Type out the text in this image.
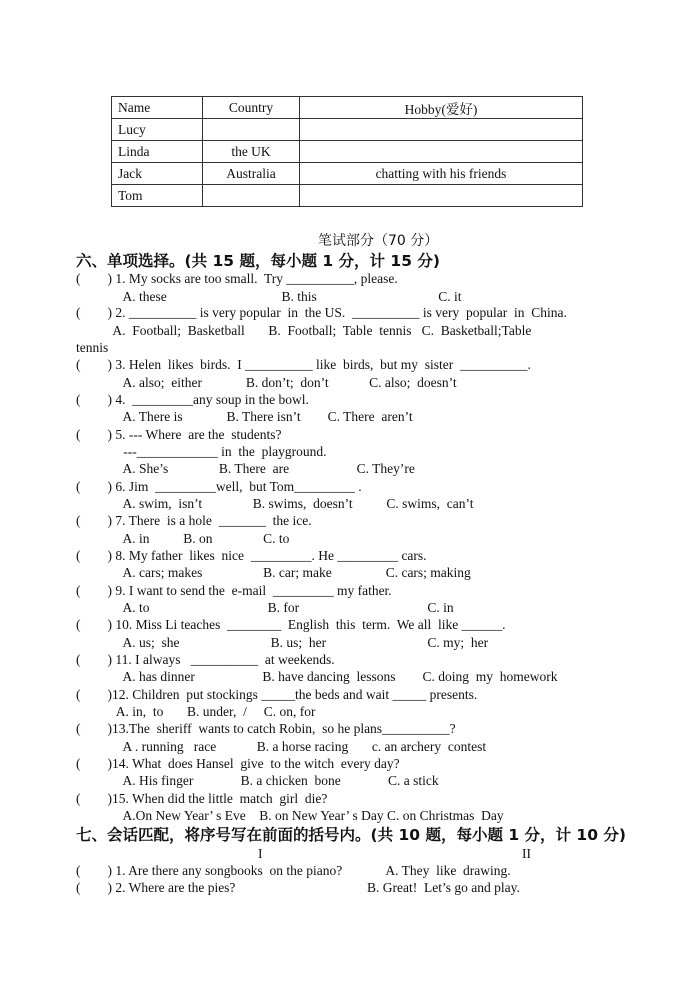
Name	Country	Hobby(爱好)
Lucy		
Linda	the UK	
Jack	Australia	chatting with his friends
Tom		
笔试部分（70 分）
六、单项选择。(共 15 题，每小题 1 分，计 15 分)
(        ) 1. My socks are too small.  Try __________, please.
A. these                                  B. this                                    C. it
(        ) 2. __________ is very popular  in  the US.  __________ is very  popular  in  China.
A.  Football;  Basketball       B.  Football;  Table  tennis   C.  Basketball;Table
tennis
(        ) 3. Helen  likes  birds.  I __________ like  birds,  but my  sister  __________.
A. also;  either             B. don’t;  don’t            C. also;  doesn’t
(        ) 4.  _________any soup in the bowl.
A. There is             B. There isn’t        C. There  aren’t
(        ) 5. --- Where  are the  students?
---____________ in  the  playground.
A. She’s               B. There  are                    C. They’re
(        ) 6. Jim  _________well,  but Tom_________ .
A. swim,  isn’t               B. swims,  doesn’t          C. swims,  can’t
(        ) 7. There  is a hole  _______  the ice.
A. in          B. on               C. to
(        ) 8. My father  likes  nice  _________. He _________ cars.
A. cars; makes                  B. car; make                C. cars; making
(        ) 9. I want to send the  e-mail  _________ my father.
A. to                                   B. for                                      C. in
(        ) 10. Miss Li teaches  ________  English  this  term.  We all  like ______.
A. us;  she                           B. us;  her                              C. my;  her
(        ) 11. I always   __________  at weekends.
A. has dinner                    B. have dancing  lessons        C. doing  my  homework
(        )12. Children  put stockings _____the beds and wait _____ presents.
A. in,  to       B. under,  /     C. on, for
(        )13.The  sheriff  wants to catch Robin,  so he plans__________?
A . running   race            B. a horse racing       c. an archery  contest
(        )14. What  does Hansel  give  to the witch  every day?
A. His finger              B. a chicken  bone              C. a stick
(        )15. When did the little  match  girl  die?
A.On New Year’ s Eve    B. on New Year’ s Day C. on Christmas  Day
七、会话匹配，将序号写在前面的括号内。(共 10 题，每小题 1 分，计 10 分)
I	II
(        ) 1. Are there any songbooks  on the piano?             A. They  like  drawing.
(        ) 2. Where are the pies?                                       B. Great!  Let’s go and play.
